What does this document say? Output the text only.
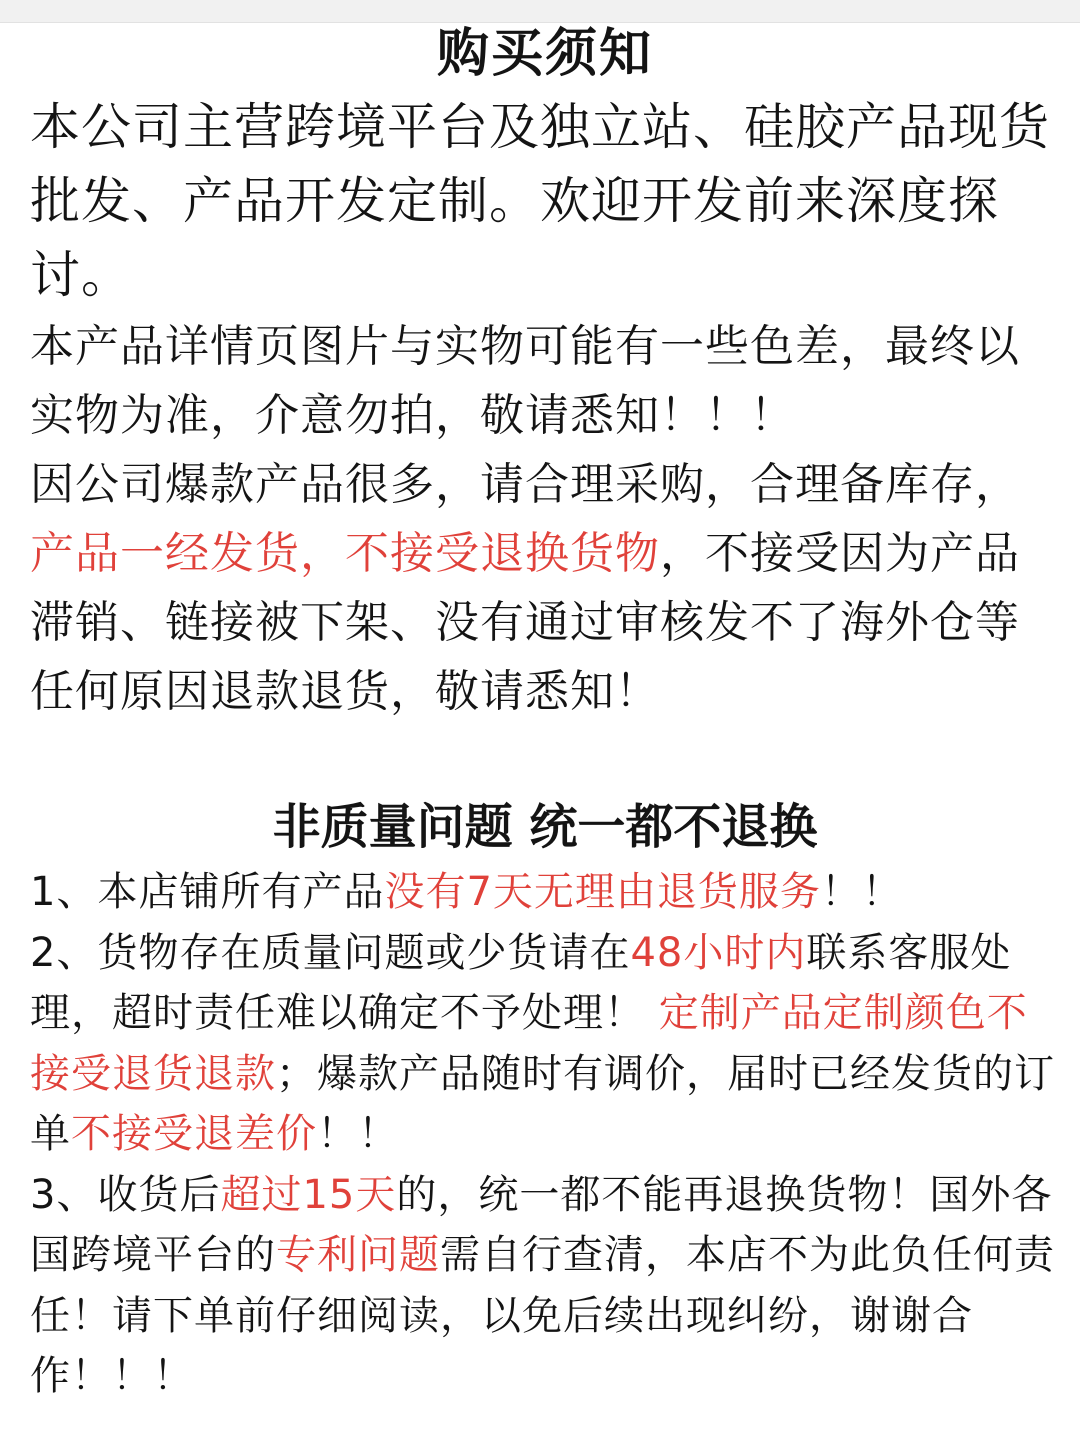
购买须知

本公司主营跨境平台及独立站、硅胶产品现货批发、产品开发定制。欢迎开发前来深度探讨。

本产品详情页图片与实物可能有一些色差，最终以实物为准，介意勿拍，敬请悉知！！！

因公司爆款产品很多，请合理采购，合理备库存，产品一经发货，不接受退换货物，不接受因为产品滞销、链接被下架、没有通过审核发不了海外仓等任何原因退款退货，敬请悉知！

非质量问题 统一都不退换

1、本店铺所有产品没有7天无理由退货服务！！

2、货物存在质量问题或少货请在48小时内联系客服处理，超时责任难以确定不予处理！ 定制产品定制颜色不接受退货退款；爆款产品随时有调价，届时已经发货的订单不接受退差价！！

3、收货后超过15天的，统一都不能再退换货物！国外各国跨境平台的专利问题需自行查清，本店不为此负任何责任！请下单前仔细阅读，以免后续出现纠纷，谢谢合作！！！
